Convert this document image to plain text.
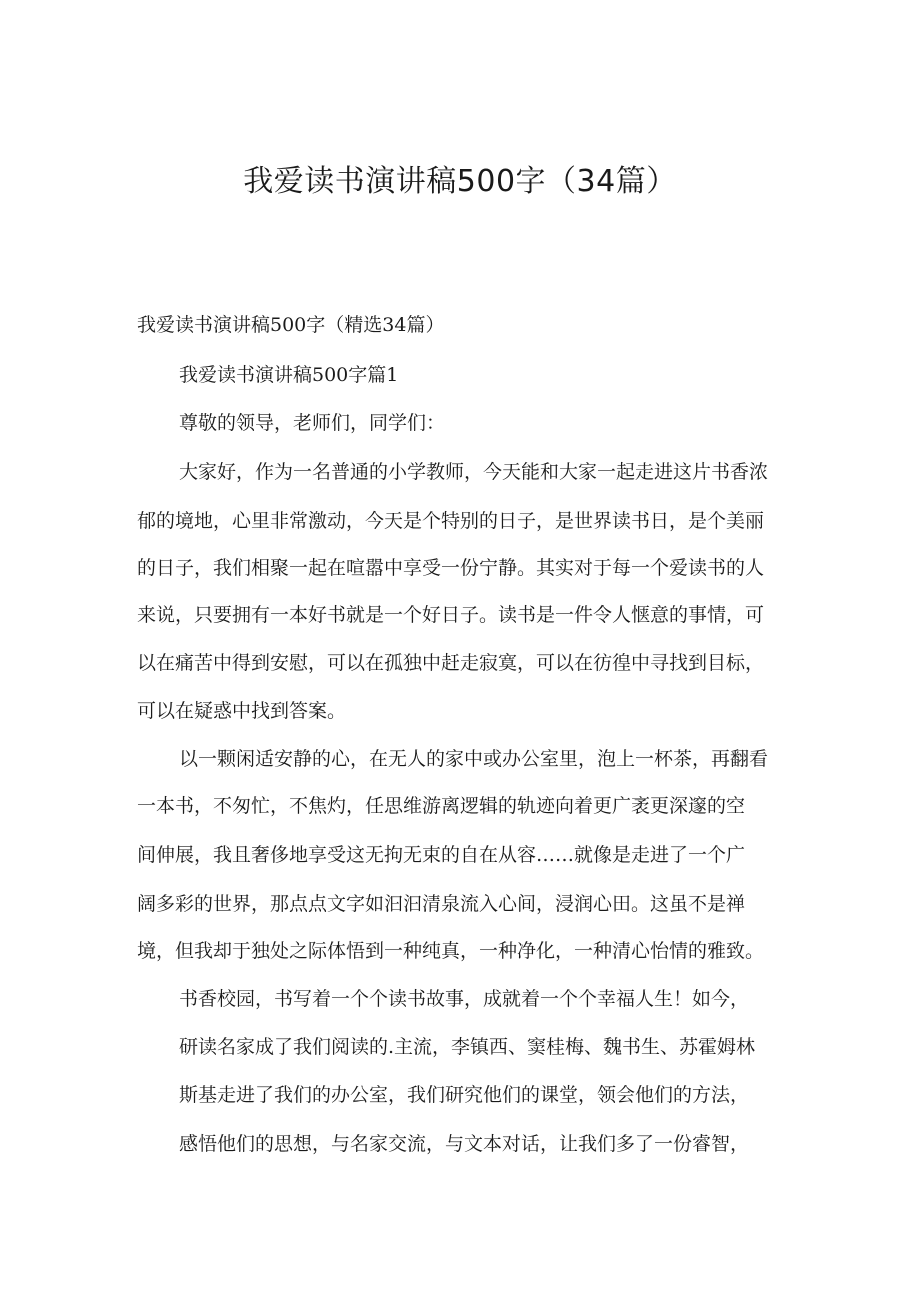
我爱读书演讲稿500字（34篇）
我爱读书演讲稿500字（精选34篇）
我爱读书演讲稿500字篇1
尊敬的领导，老师们，同学们：
大家好，作为一名普通的小学教师，今天能和大家一起走进这片书香浓
郁的境地，心里非常激动，今天是个特别的日子，是世界读书日，是个美丽
的日子，我们相聚一起在喧嚣中享受一份宁静。其实对于每一个爱读书的人
来说，只要拥有一本好书就是一个好日子。读书是一件令人惬意的事情，可
以在痛苦中得到安慰，可以在孤独中赶走寂寞，可以在彷徨中寻找到目标，
可以在疑惑中找到答案。
以一颗闲适安静的心，在无人的家中或办公室里，泡上一杯茶，再翻看
一本书，不匆忙，不焦灼，任思维游离逻辑的轨迹向着更广袤更深邃的空
间伸展，我且奢侈地享受这无拘无束的自在从容……就像是走进了一个广
阔多彩的世界，那点点文字如汩汩清泉流入心间，浸润心田。这虽不是禅
境，但我却于独处之际体悟到一种纯真，一种净化，一种清心怡情的雅致。
书香校园，书写着一个个读书故事，成就着一个个幸福人生！如今，
研读名家成了我们阅读的.主流，李镇西、窦桂梅、魏书生、苏霍姆林
斯基走进了我们的办公室，我们研究他们的课堂，领会他们的方法，
感悟他们的思想，与名家交流，与文本对话，让我们多了一份睿智，
